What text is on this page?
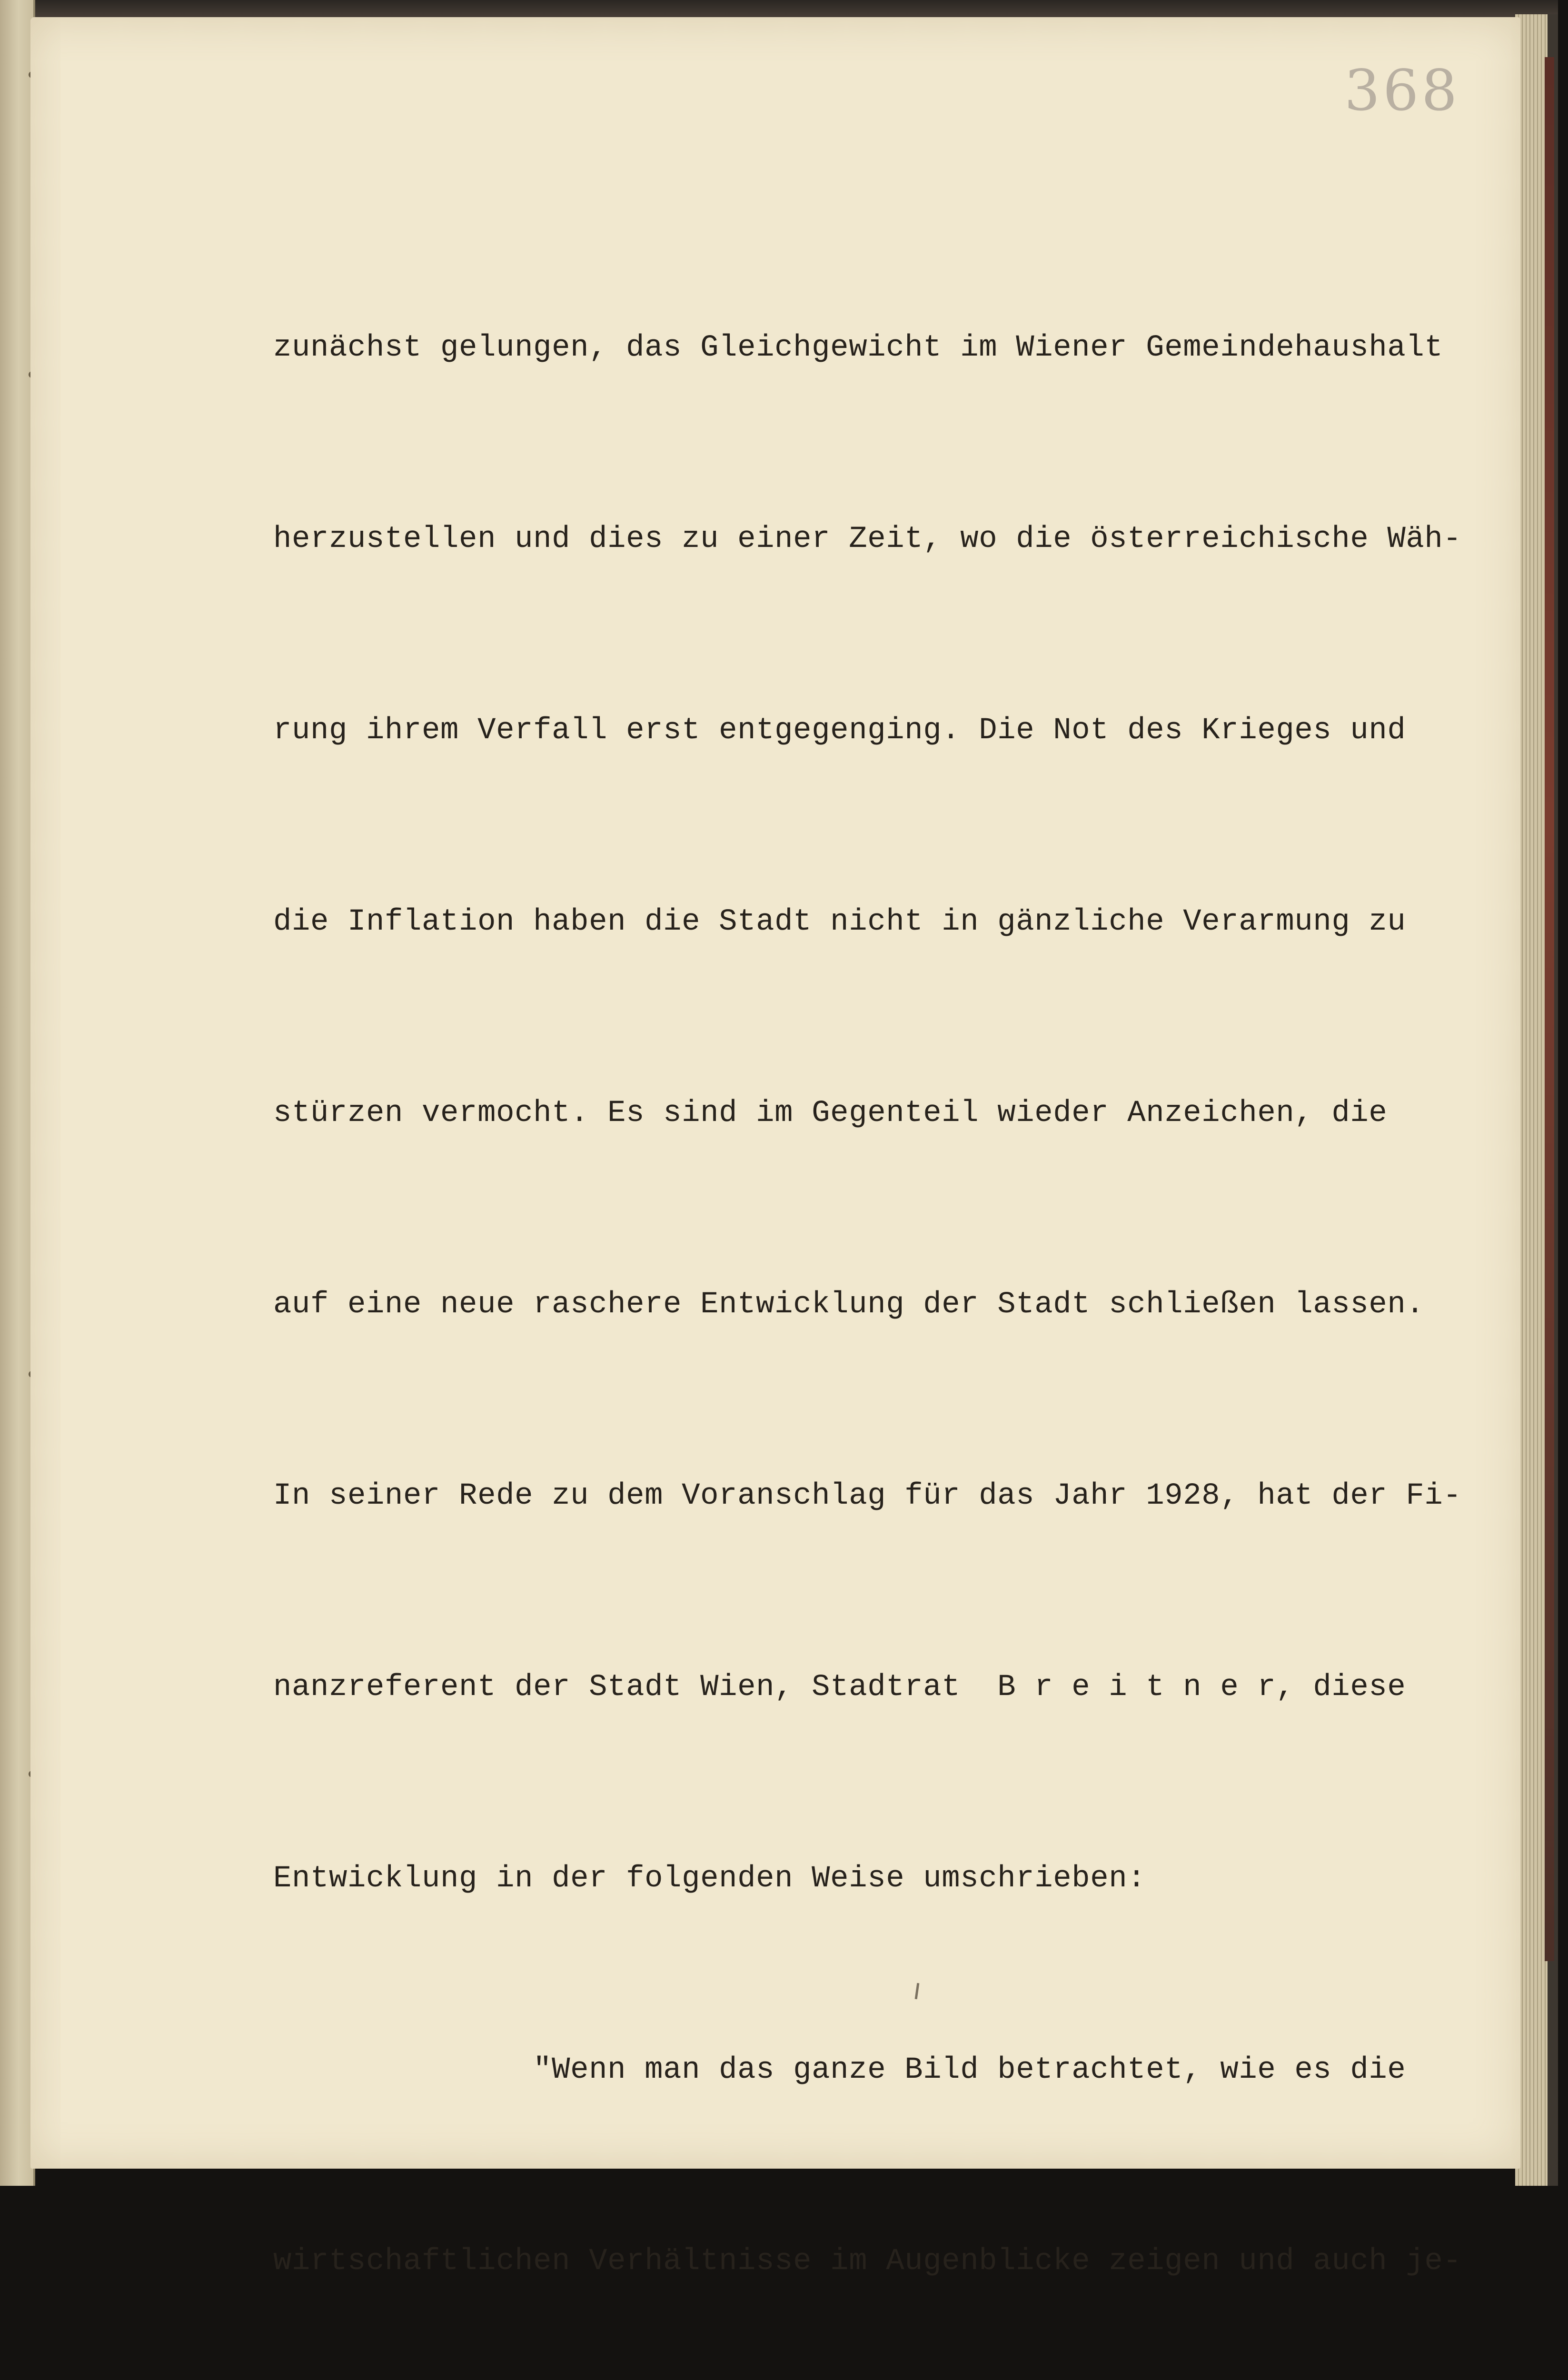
368

zunächst gelungen, das Gleichgewicht im Wiener Gemeindehaushalt

herzustellen und dies zu einer Zeit, wo die österreichische Wäh-

rung ihrem Verfall erst entgegenging. Die Not des Krieges und

die Inflation haben die Stadt nicht in gänzliche Verarmung zu

stürzen vermocht. Es sind im Gegenteil wieder Anzeichen, die

auf eine neue raschere Entwicklung der Stadt schließen lassen.

In seiner Rede zu dem Voranschlag für das Jahr 1928, hat der Fi-

nanzreferent der Stadt Wien, Stadtrat  B r e i t n e r, diese

Entwicklung in der folgenden Weise umschrieben:

"Wenn man das ganze Bild betrachtet, wie es die

wirtschaftlichen Verhältnisse im Augenblicke zeigen und auch je-
